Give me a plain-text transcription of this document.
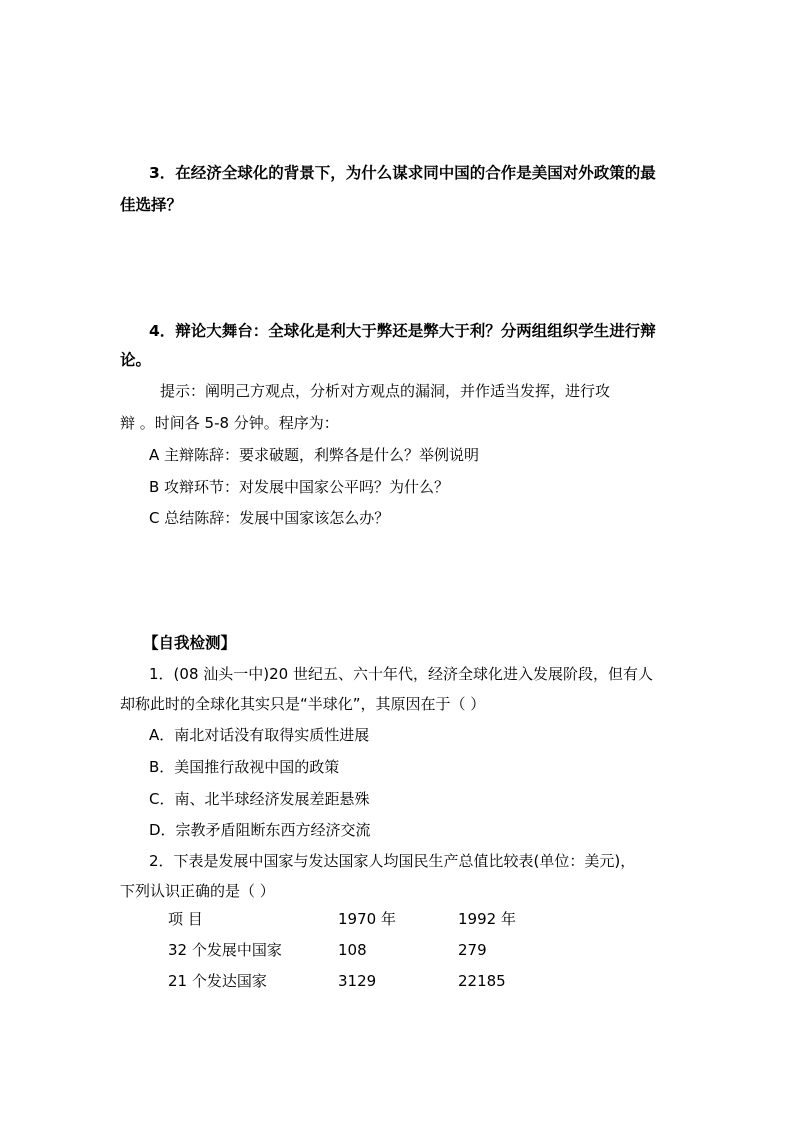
3．在经济全球化的背景下，为什么谋求同中国的合作是美国对外政策的最
佳选择？
4．辩论大舞台：全球化是利大于弊还是弊大于利？分两组组织学生进行辩
论。
提示：阐明己方观点，分析对方观点的漏洞，并作适当发挥，进行攻
辩 。时间各 5-8 分钟。程序为：
A 主辩陈辞：要求破题，利弊各是什么？举例说明
B 攻辩环节：对发展中国家公平吗？为什么？
C 总结陈辞：发展中国家该怎么办？
【自我检测】
1．(08 汕头一中)20 世纪五、六十年代，经济全球化进入发展阶段，但有人
却称此时的全球化其实只是“半球化”，其原因在于（ ）
A．南北对话没有取得实质性进展
B．美国推行敌视中国的政策
C．南、北半球经济发展差距悬殊
D．宗教矛盾阻断东西方经济交流
2．下表是发展中国家与发达国家人均国民生产总值比较表(单位：美元)，
下列认识正确的是（ ）
项 目	1970 年	1992 年
32 个发展中国家	108	279
21 个发达国家	3129	22185
